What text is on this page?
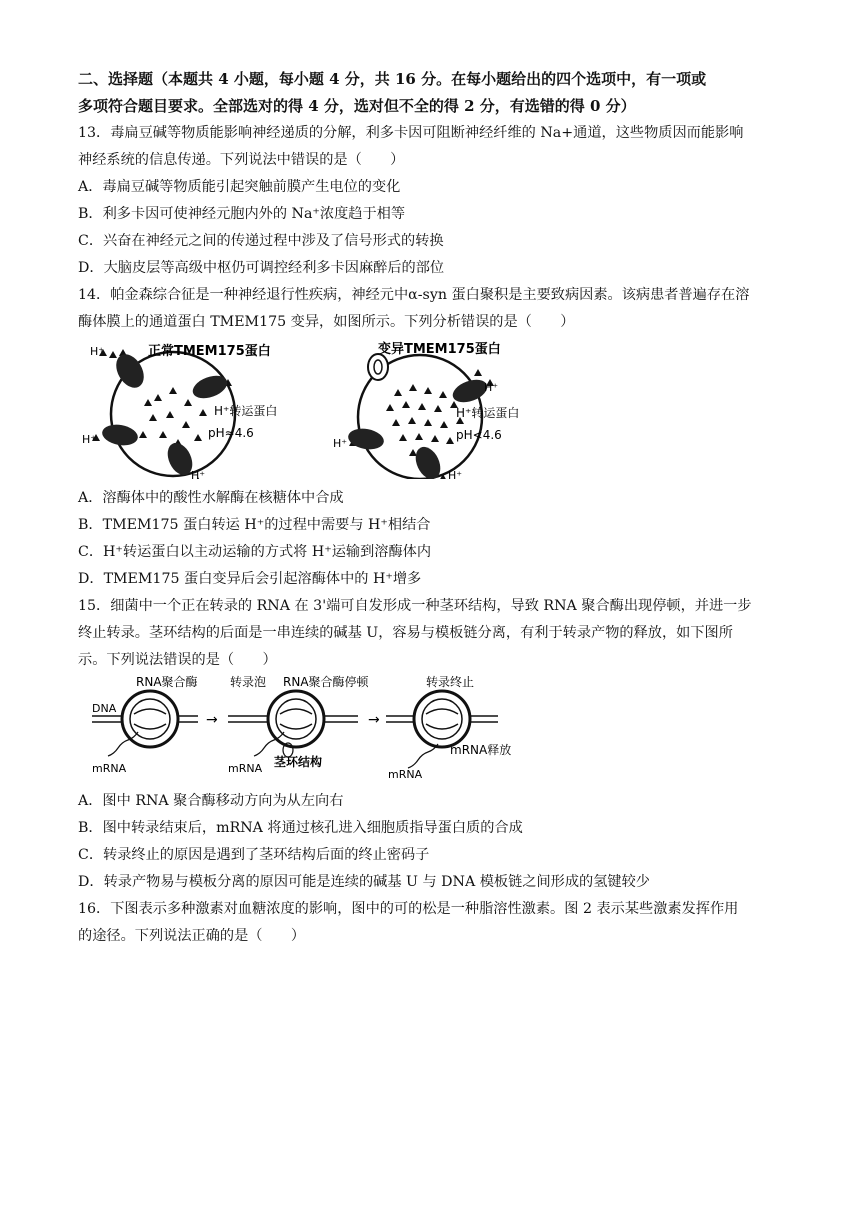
二、选择题（本题共 4 小题，每小题 4 分，共 16 分。在每小题给出的四个选项中，有一项或
多项符合题目要求。全部选对的得 4 分，选对但不全的得 2 分，有选错的得 0 分）
13．毒扁豆碱等物质能影响神经递质的分解，利多卡因可阻断神经纤维的 Na+通道，这些物质因而能影响
神经系统的信息传递。下列说法中错误的是（　　）
A．毒扁豆碱等物质能引起突触前膜产生电位的变化
B．利多卡因可使神经元胞内外的 Na⁺浓度趋于相等
C．兴奋在神经元之间的传递过程中涉及了信号形式的转换
D．大脑皮层等高级中枢仍可调控经利多卡因麻醉后的部位
14．帕金森综合征是一种神经退行性疾病，神经元中α-syn 蛋白聚积是主要致病因素。该病患者普遍存在溶
酶体膜上的通道蛋白 TMEM175 变异，如图所示。下列分析错误的是（　　）
H⁺
H⁺
H⁺
正常TMEM175蛋白
H⁺转运蛋白
pH≈4.6
H⁺
H⁺
H⁺
变异TMEM175蛋白
H⁺转运蛋白
pH<4.6
A．溶酶体中的酸性水解酶在核糖体中合成
B．TMEM175 蛋白转运 H⁺的过程中需要与 H⁺相结合
C．H⁺转运蛋白以主动运输的方式将 H⁺运输到溶酶体内
D．TMEM175 蛋白变异后会引起溶酶体中的 H⁺增多
15．细菌中一个正在转录的 RNA 在 3'端可自发形成一种茎环结构，导致 RNA 聚合酶出现停顿，并进一步
终止转录。茎环结构的后面是一串连续的碱基 U，容易与模板链分离，有利于转录产物的释放，如下图所
示。下列说法错误的是（　　）
DNA
RNA聚合酶
mRNA
→
转录泡 RNA聚合酶停顿
mRNA 茎环结构
→
转录终止
mRNA释放
mRNA
A．图中 RNA 聚合酶移动方向为从左向右
B．图中转录结束后，mRNA 将通过核孔进入细胞质指导蛋白质的合成
C．转录终止的原因是遇到了茎环结构后面的终止密码子
D．转录产物易与模板分离的原因可能是连续的碱基 U 与 DNA 模板链之间形成的氢键较少
16．下图表示多种激素对血糖浓度的影响，图中的可的松是一种脂溶性激素。图 2 表示某些激素发挥作用
的途径。下列说法正确的是（　　）
